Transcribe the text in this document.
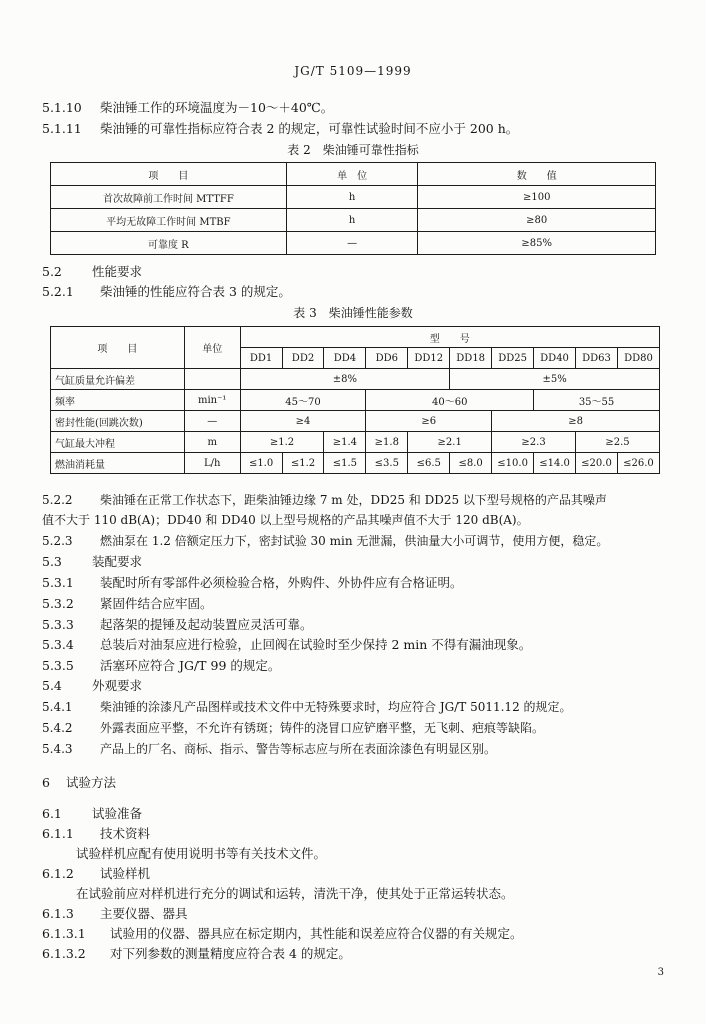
JG/T 5109—1999
5.1.10 柴油锤工作的环境温度为－10～＋40℃。
5.1.11 柴油锤的可靠性指标应符合表 2 的规定，可靠性试验时间不应小于 200 h。
表 2　柴油锤可靠性指标
项　　目	单　位	数　　值
首次故障前工作时间 MTTFF	h	≥100
平均无故障工作时间 MTBF	h	≥80
可靠度 R	—	≥85%
5.2 性能要求
5.2.1 柴油锤的性能应符合表 3 的规定。
表 3　柴油锤性能参数
项　　目	单位	型　　号									
		DD1	DD2	DD4	DD6	DD12	DD18	DD25	DD40	DD63	DD80
气缸质量允许偏差		±8%					±5%				
频率	min⁻¹	45～70			40～60				35～55		
密封性能(回跳次数)	—	≥4			≥6			≥8			
气缸最大冲程	m	≥1.2		≥1.4	≥1.8	≥2.1		≥2.3		≥2.5	
燃油消耗量	L/h	≤1.0	≤1.2	≤1.5	≤3.5	≤6.5	≤8.0	≤10.0	≤14.0	≤20.0	≤26.0
5.2.2 柴油锤在正常工作状态下，距柴油锤边缘 7 m 处，DD25 和 DD25 以下型号规格的产品其噪声
值不大于 110 dB(A)；DD40 和 DD40 以上型号规格的产品其噪声值不大于 120 dB(A)。
5.2.3 燃油泵在 1.2 倍额定压力下，密封试验 30 min 无泄漏，供油量大小可调节，使用方便，稳定。
5.3 装配要求
5.3.1 装配时所有零部件必须检验合格，外购件、外协件应有合格证明。
5.3.2 紧固件结合应牢固。
5.3.3 起落架的提锤及起动装置应灵活可靠。
5.3.4 总装后对油泵应进行检验，止回阀在试验时至少保持 2 min 不得有漏油现象。
5.3.5 活塞环应符合 JG/T 99 的规定。
5.4 外观要求
5.4.1 柴油锤的涂漆凡产品图样或技术文件中无特殊要求时，均应符合 JG/T 5011.12 的规定。
5.4.2 外露表面应平整，不允许有锈斑；铸件的浇冒口应铲磨平整，无飞刺、疤痕等缺陷。
5.4.3 产品上的厂名、商标、指示、警告等标志应与所在表面涂漆色有明显区别。
6 试验方法
6.1 试验准备
6.1.1 技术资料
试验样机应配有使用说明书等有关技术文件。
6.1.2 试验样机
在试验前应对样机进行充分的调试和运转，清洗干净，使其处于正常运转状态。
6.1.3 主要仪器、器具
6.1.3.1 试验用的仪器、器具应在标定期内，其性能和误差应符合仪器的有关规定。
6.1.3.2 对下列参数的测量精度应符合表 4 的规定。
3
